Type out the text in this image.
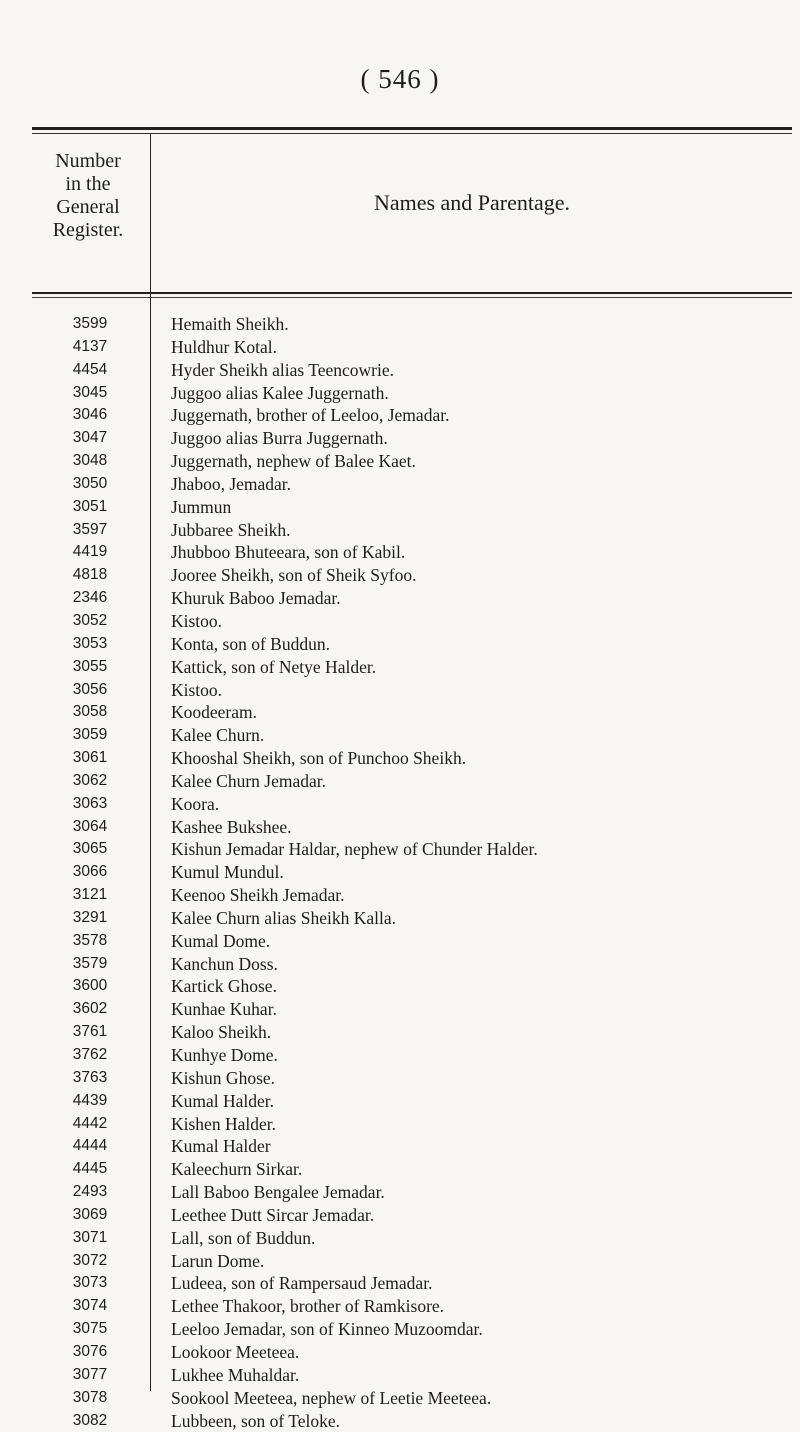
( 546 )
Number
in the
General
Register.
Names and Parentage.
3599	Hemaith Sheikh.
4137	Huldhur Kotal.
4454	Hyder Sheikh alias Teencowrie.
3045	Juggoo alias Kalee Juggernath.
3046	Juggernath, brother of Leeloo, Jemadar.
3047	Juggoo alias Burra Juggernath.
3048	Juggernath, nephew of Balee Kaet.
3050	Jhaboo, Jemadar.
3051	Jummun
3597	Jubbaree Sheikh.
4419	Jhubboo Bhuteeara, son of Kabil.
4818	Jooree Sheikh, son of Sheik Syfoo.
2346	Khuruk Baboo Jemadar.
3052	Kistoo.
3053	Konta, son of Buddun.
3055	Kattick, son of Netye Halder.
3056	Kistoo.
3058	Koodeeram.
3059	Kalee Churn.
3061	Khooshal Sheikh, son of Punchoo Sheikh.
3062	Kalee Churn Jemadar.
3063	Koora.
3064	Kashee Bukshee.
3065	Kishun Jemadar Haldar, nephew of Chunder Halder.
3066	Kumul Mundul.
3121	Keenoo Sheikh Jemadar.
3291	Kalee Churn alias Sheikh Kalla.
3578	Kumal Dome.
3579	Kanchun Doss.
3600	Kartick Ghose.
3602	Kunhae Kuhar.
3761	Kaloo Sheikh.
3762	Kunhye Dome.
3763	Kishun Ghose.
4439	Kumal Halder.
4442	Kishen Halder.
4444	Kumal Halder
4445	Kaleechurn Sirkar.
2493	Lall Baboo Bengalee Jemadar.
3069	Leethee Dutt Sircar Jemadar.
3071	Lall, son of Buddun.
3072	Larun Dome.
3073	Ludeea, son of Rampersaud Jemadar.
3074	Lethee Thakoor, brother of Ramkisore.
3075	Leeloo Jemadar, son of Kinneo Muzoomdar.
3076	Lookoor Meeteea.
3077	Lukhee Muhaldar.
3078	Sookool Meeteea, nephew of Leetie Meeteea.
3082	Lubbeen, son of Teloke.
